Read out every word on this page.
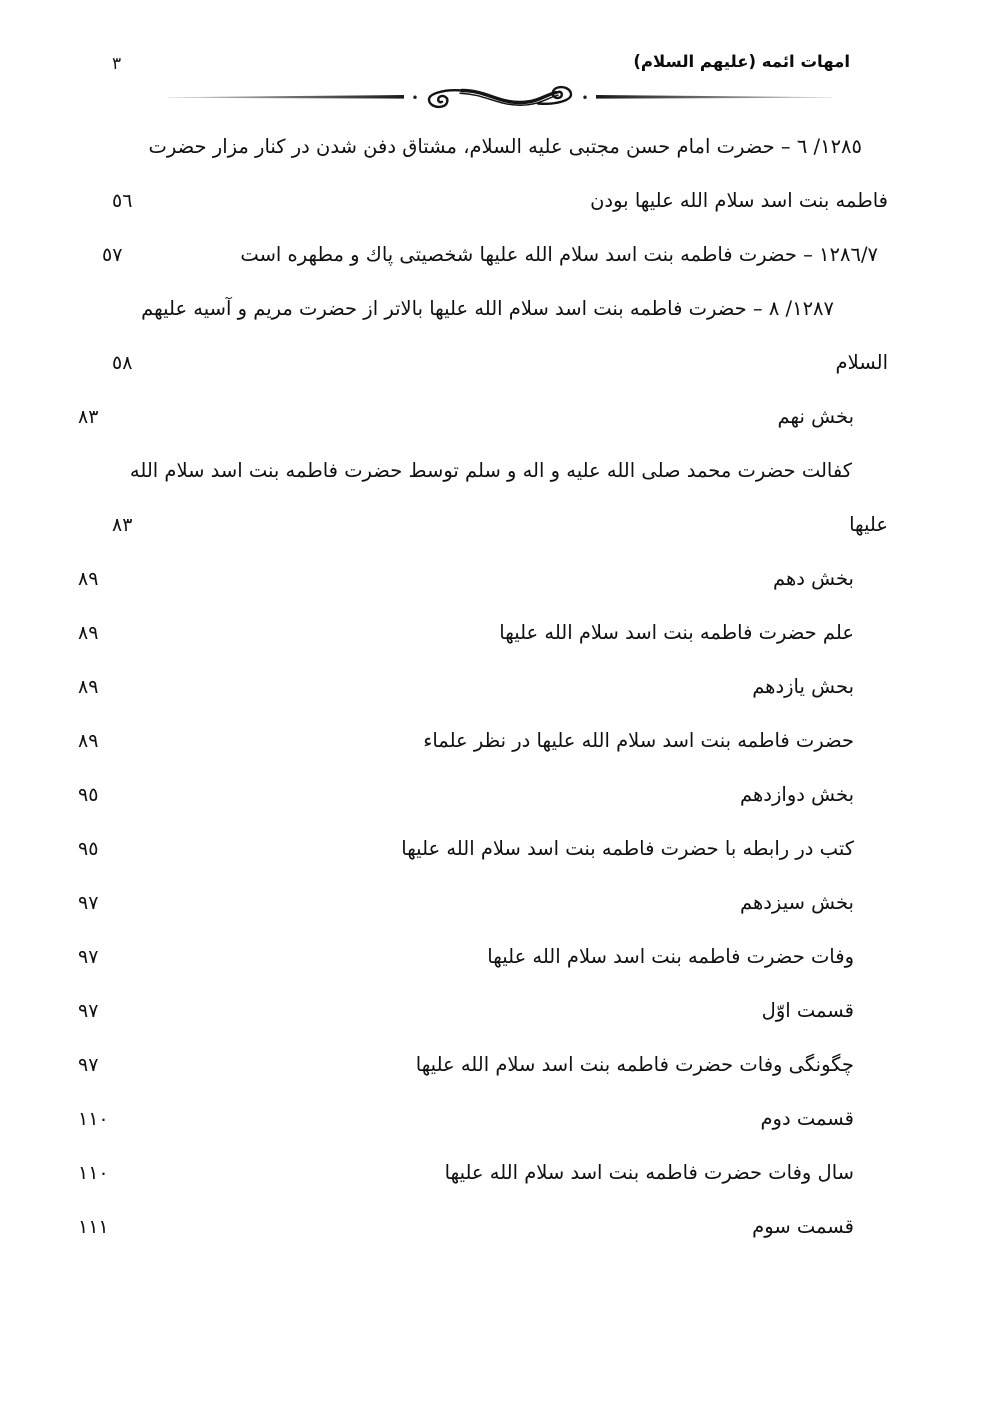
٣	امهات ائمه (عليهم السلام)
١٢٨٥/ ٦ – حضرت امام حسن مجتبى عليه السلام، مشتاق دفن شدن در كنار مزار حضرت
فاطمه بنت اسد سلام الله عليها بودن
.....
٥٦
١٢٨٦/٧ – حضرت فاطمه بنت اسد سلام الله عليها شخصيتى پاك و مطهره است
.....
٥٧
١٢٨٧/ ٨ – حضرت فاطمه بنت اسد سلام الله عليها بالاتر از حضرت مريم و آسيه عليهم
السلام
.....
٥٨
بخش نهم
.....
٨٣
كفالت حضرت محمد صلى الله عليه و اله و سلم توسط حضرت فاطمه بنت اسد سلام الله
عليها
.....
٨٣
بخش دهم
.....
٨٩
علم حضرت فاطمه بنت اسد سلام الله عليها
.....
٨٩
بحش يازدهم
.....
٨٩
حضرت فاطمه بنت اسد سلام الله عليها در نظر علماء
.....
٨٩
بخش دوازدهم
.....
٩٥
كتب در رابطه با حضرت فاطمه بنت اسد سلام الله عليها
.....
٩٥
بخش سيزدهم
.....
٩٧
وفات حضرت فاطمه بنت اسد سلام الله عليها
.....
٩٧
قسمت اوّل
.....
٩٧
چگونگى وفات حضرت فاطمه بنت اسد سلام الله عليها
.....
٩٧
قسمت دوم
.....
١١٠
سال وفات حضرت فاطمه بنت اسد سلام الله عليها
.....
١١٠
قسمت سوم
.....
١١١
